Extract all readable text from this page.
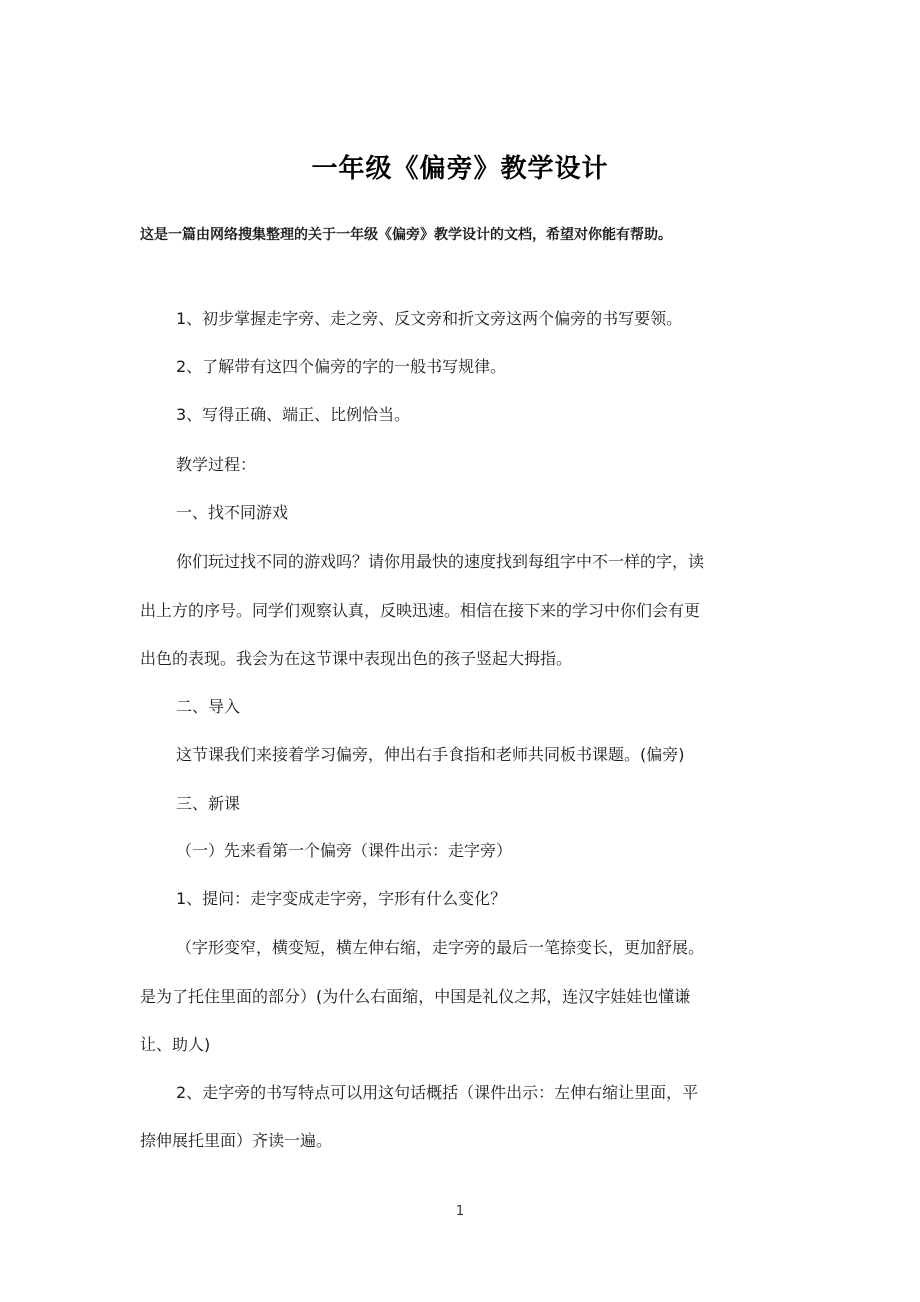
一年级《偏旁》教学设计
这是一篇由网络搜集整理的关于一年级《偏旁》教学设计的文档，希望对你能有帮助。
1、初步掌握走字旁、走之旁、反文旁和折文旁这两个偏旁的书写要领。
2、了解带有这四个偏旁的字的一般书写规律。
3、写得正确、端正、比例恰当。
教学过程：
一、找不同游戏
你们玩过找不同的游戏吗？请你用最快的速度找到每组字中不一样的字，读
出上方的序号。同学们观察认真，反映迅速。相信在接下来的学习中你们会有更
出色的表现。我会为在这节课中表现出色的孩子竖起大拇指。
二、导入
这节课我们来接着学习偏旁，伸出右手食指和老师共同板书课题。(偏旁)
三、新课
（一）先来看第一个偏旁（课件出示：走字旁）
1、提问：走字变成走字旁，字形有什么变化？
（字形变窄，横变短，横左伸右缩，走字旁的最后一笔捺变长，更加舒展。
是为了托住里面的部分）(为什么右面缩，中国是礼仪之邦，连汉字娃娃也懂谦
让、助人)
2、走字旁的书写特点可以用这句话概括（课件出示：左伸右缩让里面，平
捺伸展托里面）齐读一遍。
1
